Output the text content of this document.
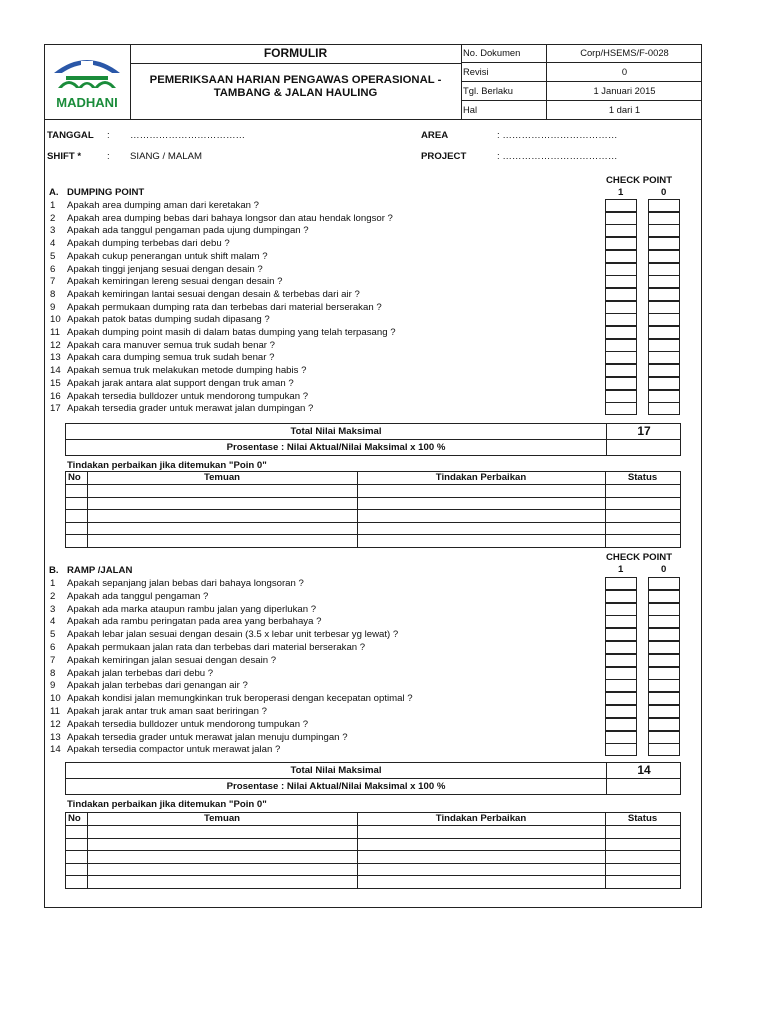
MADHANI
FORMULIR
PEMERIKSAAN HARIAN PENGAWAS OPERASIONAL -
TAMBANG & JALAN HAULING
No. Dokumen	Corp/HSEMS/F-0028
Revisi	0
Tgl. Berlaku	1 Januari 2015
Hal	1 dari 1
TANGGAL : ………………………………
SHIFT *	: SIANG / MALAM
AREA	: ………………………………
PROJECT	: ………………………………
CHECK POINT
1	0
A. DUMPING POINT
1	Apakah area dumping aman dari keretakan ?
2	Apakah area dumping bebas dari bahaya longsor dan atau hendak longsor ?
3	Apakah ada tanggul pengaman pada ujung dumpingan ?
4	Apakah dumping terbebas dari debu ?
5	Apakah cukup penerangan untuk shift malam ?
6	Apakah tinggi jenjang sesuai dengan desain ?
7	Apakah kemiringan lereng sesuai dengan desain ?
8	Apakah kemiringan lantai sesuai dengan desain & terbebas dari air ?
9	Apakah permukaan dumping rata dan terbebas dari material berserakan ?
10 Apakah patok batas dumping sudah dipasang ?
11 Apakah dumping point masih di dalam batas dumping yang telah terpasang ?
12 Apakah cara manuver semua truk sudah benar ?
13 Apakah cara dumping semua truk sudah benar ?
14 Apakah semua truk melakukan metode dumping habis ?
15 Apakah jarak antara alat support dengan truk aman ?
16 Apakah tersedia bulldozer untuk mendorong tumpukan ?
17 Apakah tersedia grader untuk merawat jalan dumpingan ?
Total Nilai Maksimal	17
Prosentase : Nilai Aktual/Nilai Maksimal x 100 %
Tindakan perbaikan jika ditemukan "Poin 0"
No	Temuan	Tindakan Perbaikan	Status
CHECK POINT
1	0
B. RAMP /JALAN
1	Apakah sepanjang jalan bebas dari bahaya longsoran ?
2	Apakah ada tanggul pengaman ?
3	Apakah ada marka ataupun rambu jalan yang diperlukan ?
4	Apakah ada rambu peringatan pada area yang berbahaya ?
5	Apakah lebar jalan sesuai dengan desain (3.5 x lebar unit terbesar yg lewat) ?
6	Apakah permukaan jalan rata dan terbebas dari material berserakan ?
7	Apakah kemiringan jalan sesuai dengan desain ?
8	Apakah jalan terbebas dari debu ?
9	Apakah jalan terbebas dari genangan air ?
10 Apakah kondisi jalan memungkinkan truk beroperasi dengan kecepatan optimal ?
11 Apakah jarak antar truk aman saat beriringan ?
12 Apakah tersedia bulldozer untuk mendorong tumpukan ?
13 Apakah tersedia grader untuk merawat jalan menuju dumpingan ?
14 Apakah tersedia compactor untuk merawat jalan ?
Total Nilai Maksimal	14
Prosentase : Nilai Aktual/Nilai Maksimal x 100 %
Tindakan perbaikan jika ditemukan "Poin 0"
No	Temuan	Tindakan Perbaikan	Status
